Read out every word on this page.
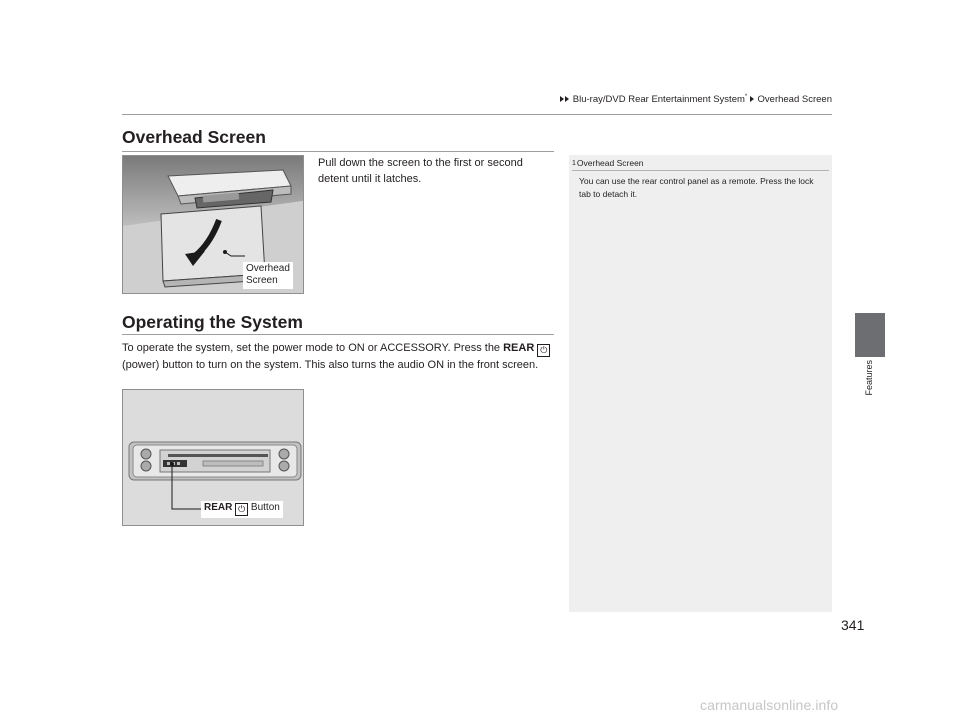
Blu-ray/DVD Rear Entertainment System* Overhead Screen
Features
Overhead Screen
Overhead
Screen

Pull down the screen to the first or second detent until it latches.

Operating the System

To operate the system, set the power mode to ON or ACCESSORY. Press the REAR ⏻(power) button to turn on the system. This also turns the audio ON in the front screen.

REAR ⏻ Button
1Overhead Screen
You can use the rear control panel as a remote. Press the lock tab to detach it.
341
carmanualsonline.info
